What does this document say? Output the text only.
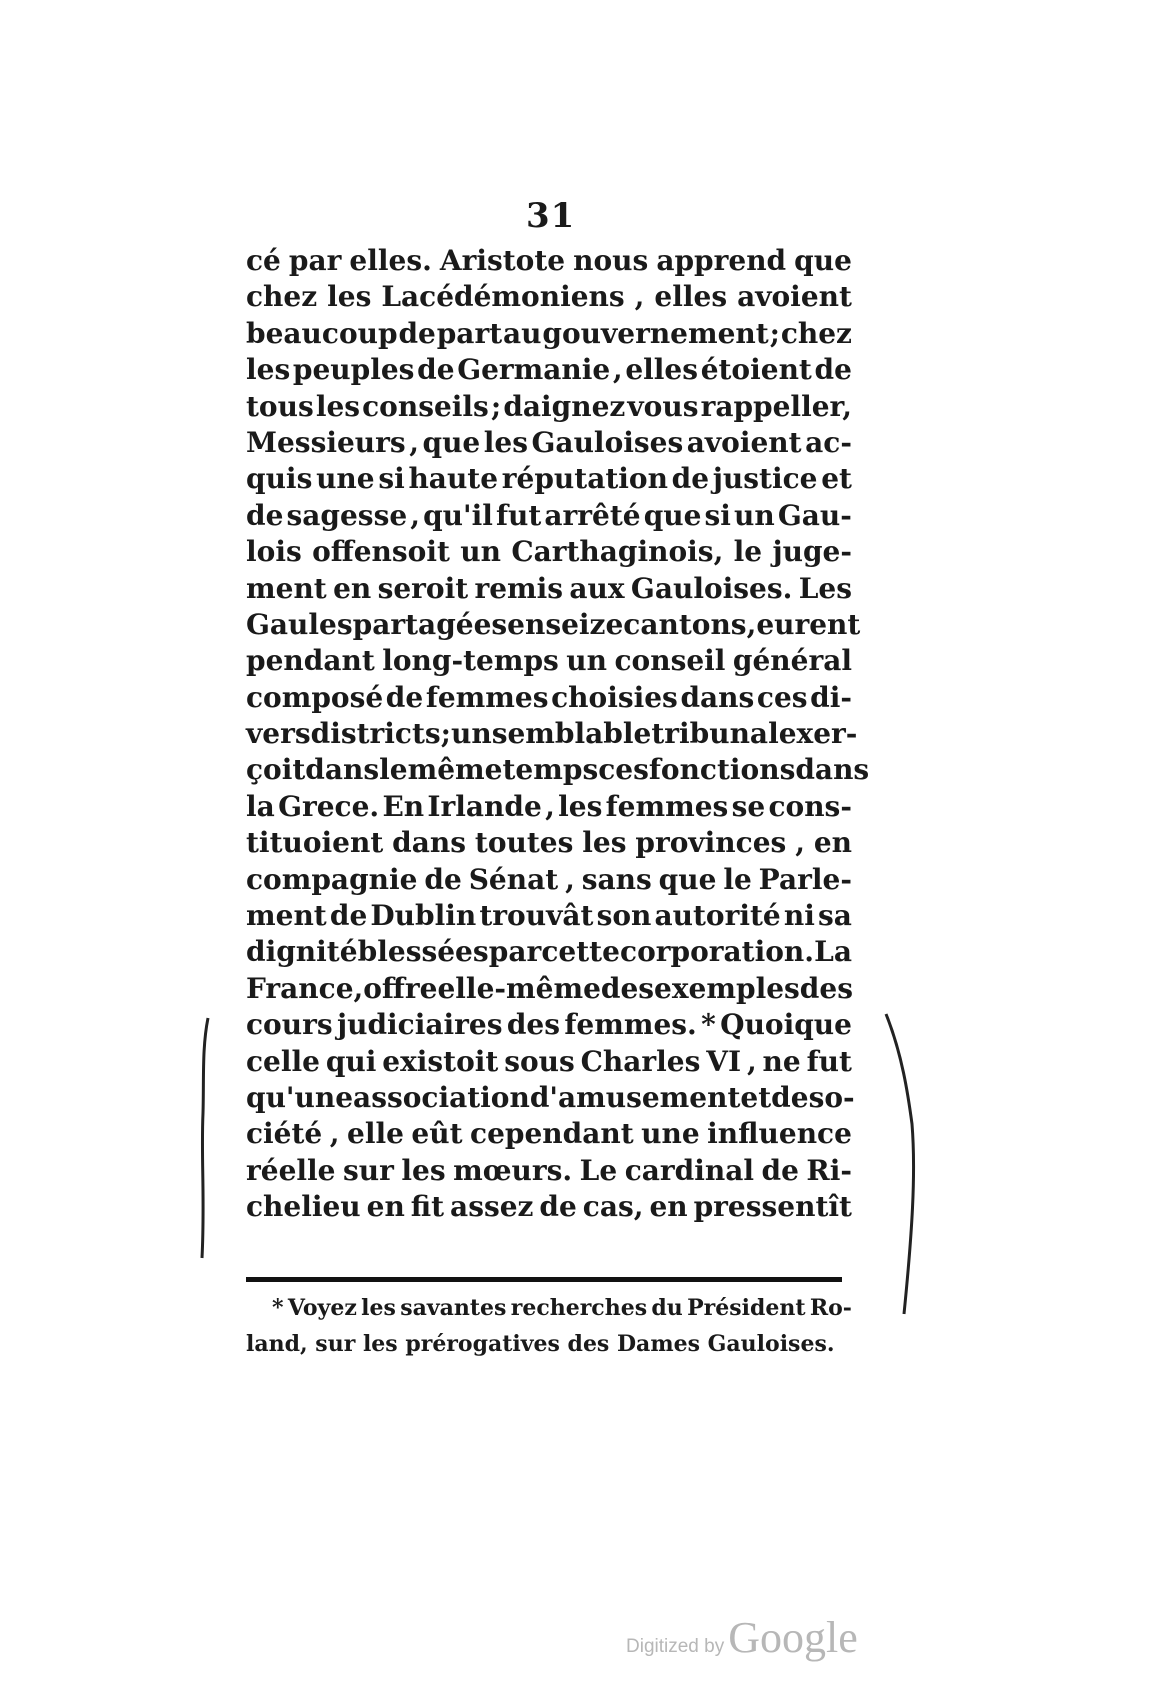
31
cé par elles. Aristote nous apprend que
chez les Lacédémoniens , elles avoient
beaucoup de part au gouvernement ; chez
les peuples de Germanie , elles étoient de
tous les conseils ; daignez vous rappeller,
Messieurs , que les Gauloises avoient ac-
quis une si haute réputation de justice et
de sagesse , qu'il fut arrêté que si un Gau-
lois offensoit un Carthaginois, le juge-
ment en seroit remis aux Gauloises. Les
Gaules partagées en seize cantons , eurent
pendant long-temps un conseil général
composé de femmes choisies dans ces di-
vers districts ; un semblable tribunal exer-
çoit dans le même temps ces fonctions dans
la Grece. En Irlande , les femmes se cons-
tituoient dans toutes les provinces , en
compagnie de Sénat , sans que le Parle-
ment de Dublin trouvât son autorité ni sa
dignité blessées par cette corporation. La
France, offre elle-même des exemples des
cours judiciaires des femmes. * Quoique
celle qui existoit sous Charles VI , ne fut
qu'une association d'amusement et de so-
ciété , elle eût cependant une influence
réelle sur les mœurs. Le cardinal de Ri-
chelieu en fit assez de cas, en pressentît
* Voyez les savantes recherches du Président Ro-
land, sur les prérogatives des Dames Gauloises.
Digitized byGoogle
